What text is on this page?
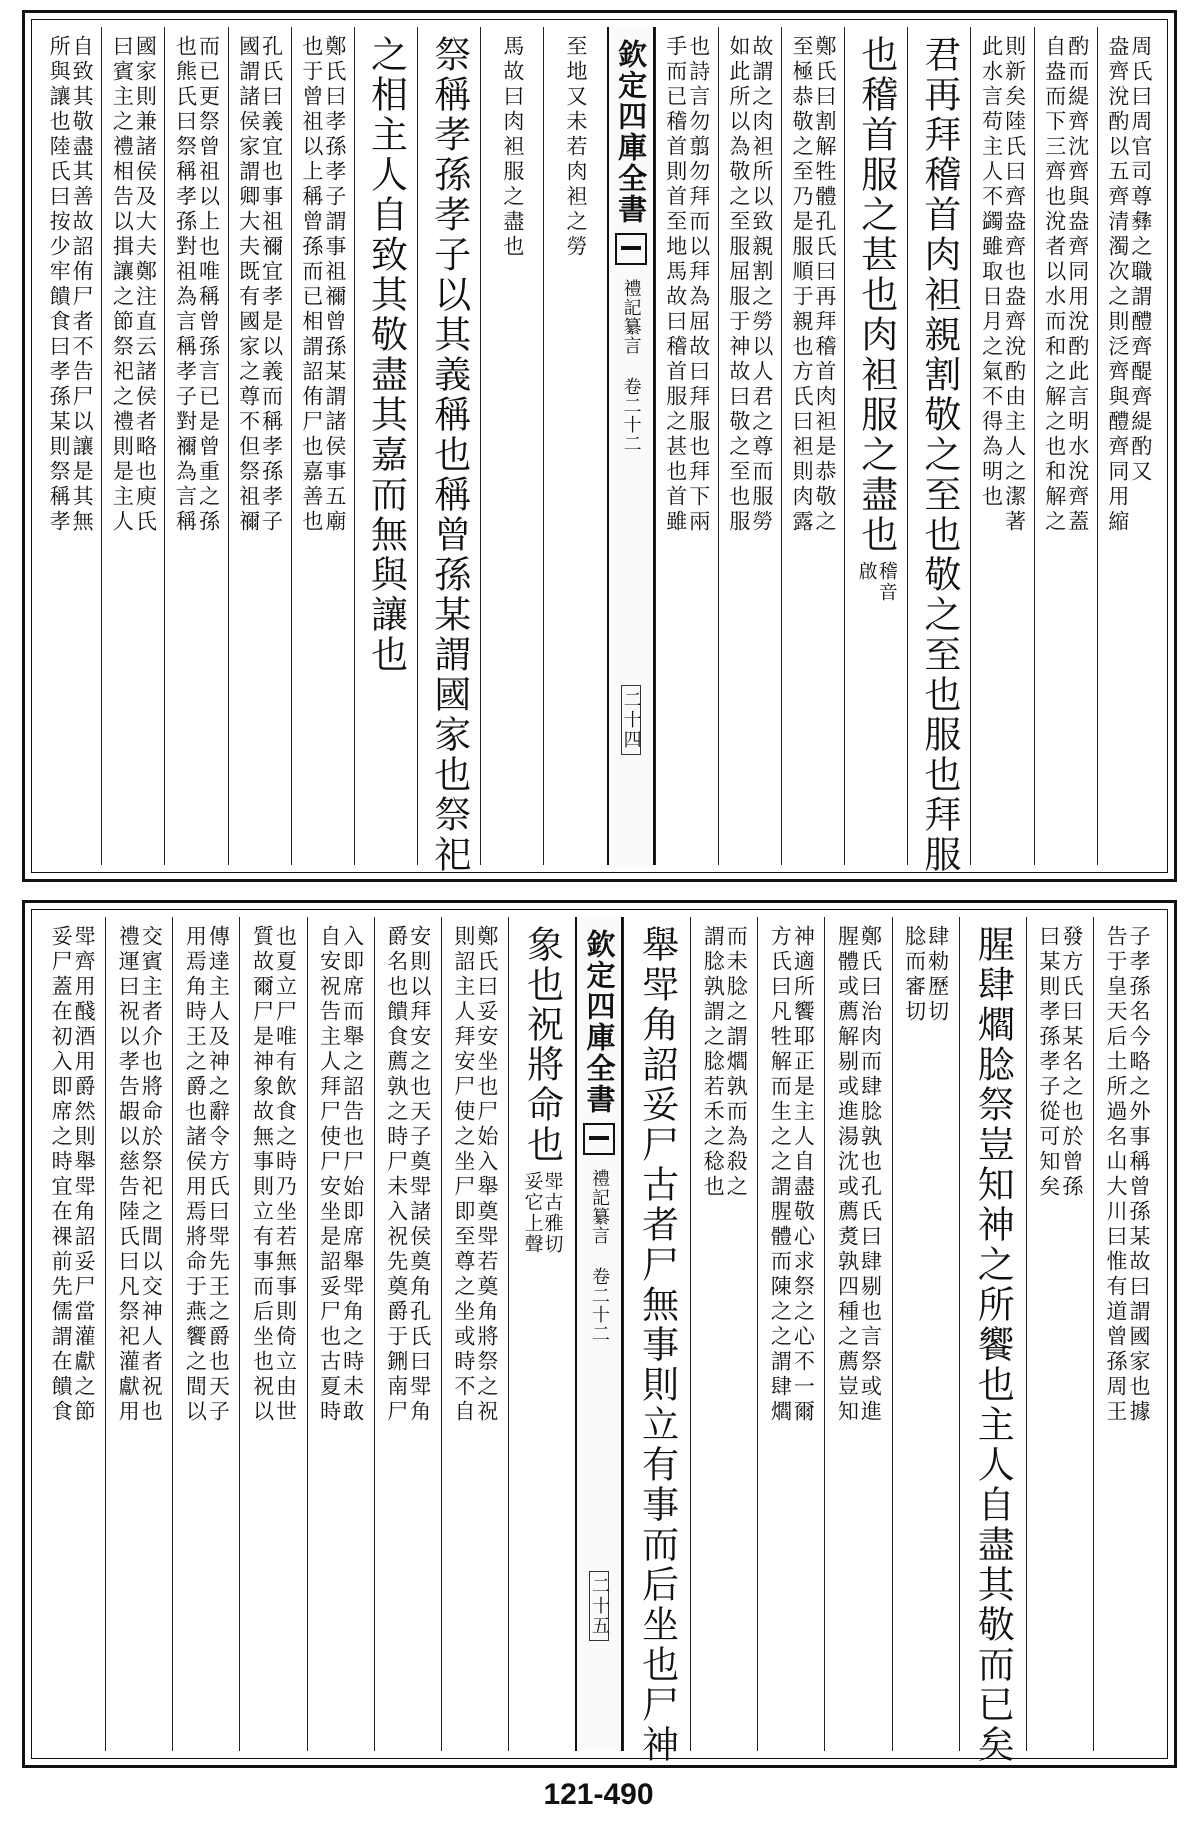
周氏曰周官司尊彝之職謂醴齊醍齊緹酌又
盎齊涗酌以五齊清濁次之則泛齊與醴齊同用縮
酌而緹齊沈齊與盎齊同用涗酌此言明水涗齊蓋
自盎而下三齊也涗者以水而和之解之也和解之
則新矣陸氏曰齊盎齊也盎齊涗酌由主人之潔著
此水言苟主人不蠲雖取日月之氣不得為明也
君再拜稽首肉袒親割敬之至也敬之至也服也拜服
也稽首服之甚也肉袒服之盡也
稽音
啟
鄭氏曰割解牲體孔氏曰再拜稽首肉袒是恭敬之
至極恭敬之至乃是服順于親也方氏曰袒則肉露
故謂之肉袒所以致親割之勞以人君之尊而服勞
如此所以為敬之至服屈服于神故曰敬之至也服
也詩言勿翦勿拜而以拜為屈故曰拜服也拜下兩
手而已稽首則首至地馬故曰稽首服之甚也首雖
欽定四庫全書
禮記纂言 卷二十二
二十四
至地又未若肉袒之勞
馬故曰肉袒服之盡也
祭稱孝孫孝子以其義稱也稱曾孫某謂國家也祭祀
之相主人自致其敬盡其嘉而無與讓也
鄭氏曰孝孫孝子謂事祖禰曾孫某謂諸侯事五廟
也于曾祖以上稱曾孫而已相謂詔侑尸也嘉善也
孔氏曰義宜也事祖禰宜孝是以義而稱孝孫孝子
國謂諸侯家謂卿大夫既有國家之尊不但祭祖禰
而已更祭曾祖以上也唯稱曾孫言已是曾重之孫
也熊氏曰祭稱孝孫對祖為言稱孝子對禰為言稱
國家則兼諸侯及大夫鄭注直云諸侯者略也庾氏
曰賓主之禮相告以揖讓之節祭祀之禮則是主人
自致其敬盡其善故詔侑尸者不告尸以讓是其無
所與讓也陸氏曰按少牢饋食曰孝孫某則祭稱孝
子孝孫名今略之外事稱曾孫某故曰謂國家也據
告于皇天后土所過名山大川曰惟有道曾孫周王
發方氏曰某名之也於曾孫
曰某則孝孫孝子從可知矣
腥肆爓腍祭豈知神之所饗也主人自盡其敬而已矣
肆勑歷切
腍而審切
鄭氏曰治肉而肆腍孰也孔氏曰肆剔也言祭或進
腥體或薦解剔或進湯沈或薦煑孰四種之薦豈知
神適所饗耶正是主人自盡敬心求祭之心不一爾
方氏曰凡牲解而生之之謂腥體而陳之之謂肆爓
而未腍之謂爓孰而為殺之
謂腍孰謂之腍若禾之稔也
舉斝角詔妥尸古者尸無事則立有事而后坐也尸神
欽定四庫全書
禮記纂言 卷二十二
二十五
象也祝將命也
斝古雅切
妥它上聲
鄭氏曰妥安坐也尸始入舉奠斝若奠角將祭之祝
則詔主人拜安尸使之坐尸即至尊之坐或時不自
安則以拜安之也天子奠斝諸侯奠角孔氏曰斝角
爵名也饋食薦孰之時尸未入祝先奠爵于鉶南尸
入即席而舉之詔告也尸始即席舉斝角之時未敢
自安祝告主人拜尸使尸安坐是詔妥尸也古夏時
也夏立尸唯有飲食之時乃坐若無事則倚立由世
質故爾尸是神象故無事則立有事而后坐也祝以
傳達主人及神之辭令方氏曰斝先王之爵也天子
用焉角時王之爵也諸侯用焉將命于燕饗之間以
交賓主者介也將命於祭祀之間以交神人者祝也
禮運曰祝以孝告嘏以慈告陸氏曰凡祭祀灌獻用
斝齊用醆酒用爵然則舉斝角詔妥尸當灌獻之節
妥尸蓋在初入即席之時宜在祼前先儒謂在饋食
121-490
